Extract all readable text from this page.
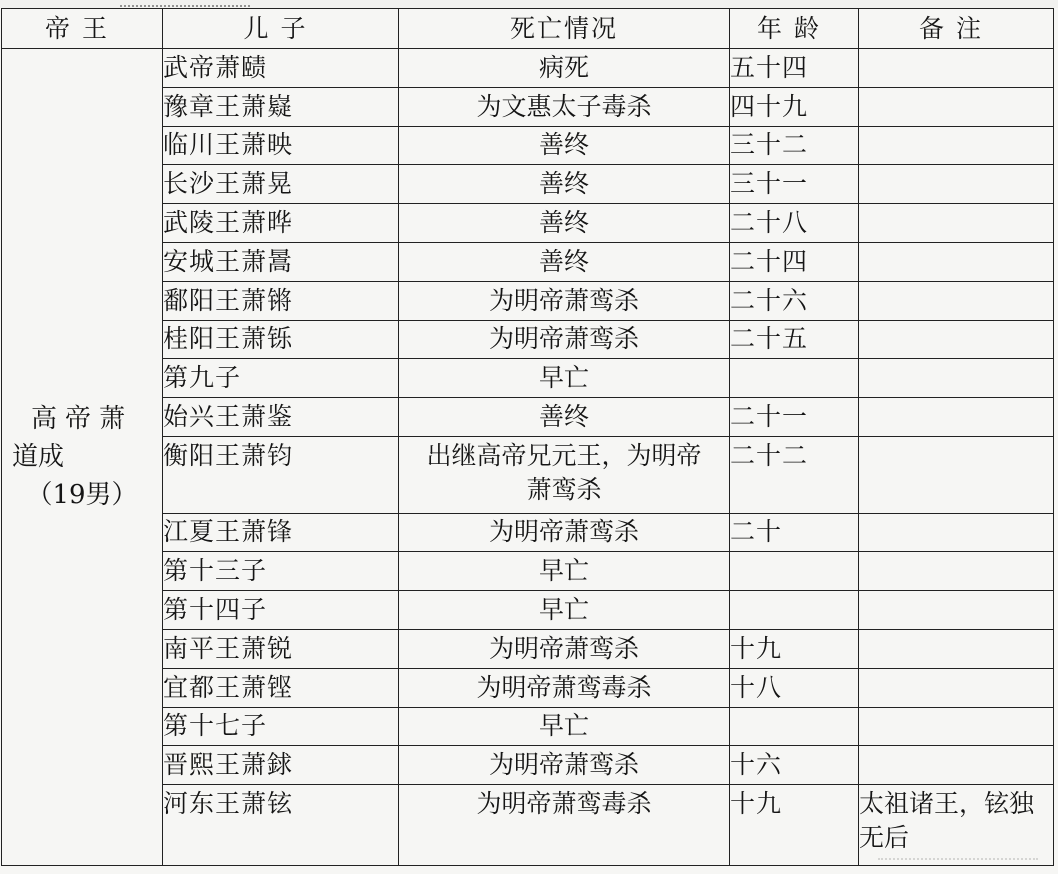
帝王	儿子	死亡情况	年龄	备注

高帝萧
道成
（19男）	武帝萧赜	病死	五十四	
	豫章王萧嶷	为文惠太子毒杀	四十九	
	临川王萧映	善终	三十二	
	长沙王萧晃	善终	三十一	
	武陵王萧晔	善终	二十八	
	安城王萧暠	善终	二十四	
	鄱阳王萧锵	为明帝萧鸾杀	二十六	
	桂阳王萧铄	为明帝萧鸾杀	二十五	
	第九子	早亡		
	始兴王萧鉴	善终	二十一	
	衡阳王萧钧	出继高帝兄元王，为明帝萧鸾杀	二十二	
	江夏王萧锋	为明帝萧鸾杀	二十	
	第十三子	早亡		
	第十四子	早亡		
	南平王萧锐	为明帝萧鸾杀	十九	
	宜都王萧铿	为明帝萧鸾毒杀	十八	
	第十七子	早亡		
	晋熙王萧銶	为明帝萧鸾杀	十六	
	河东王萧铉	为明帝萧鸾毒杀	十九	太祖诸王，铉独无后
